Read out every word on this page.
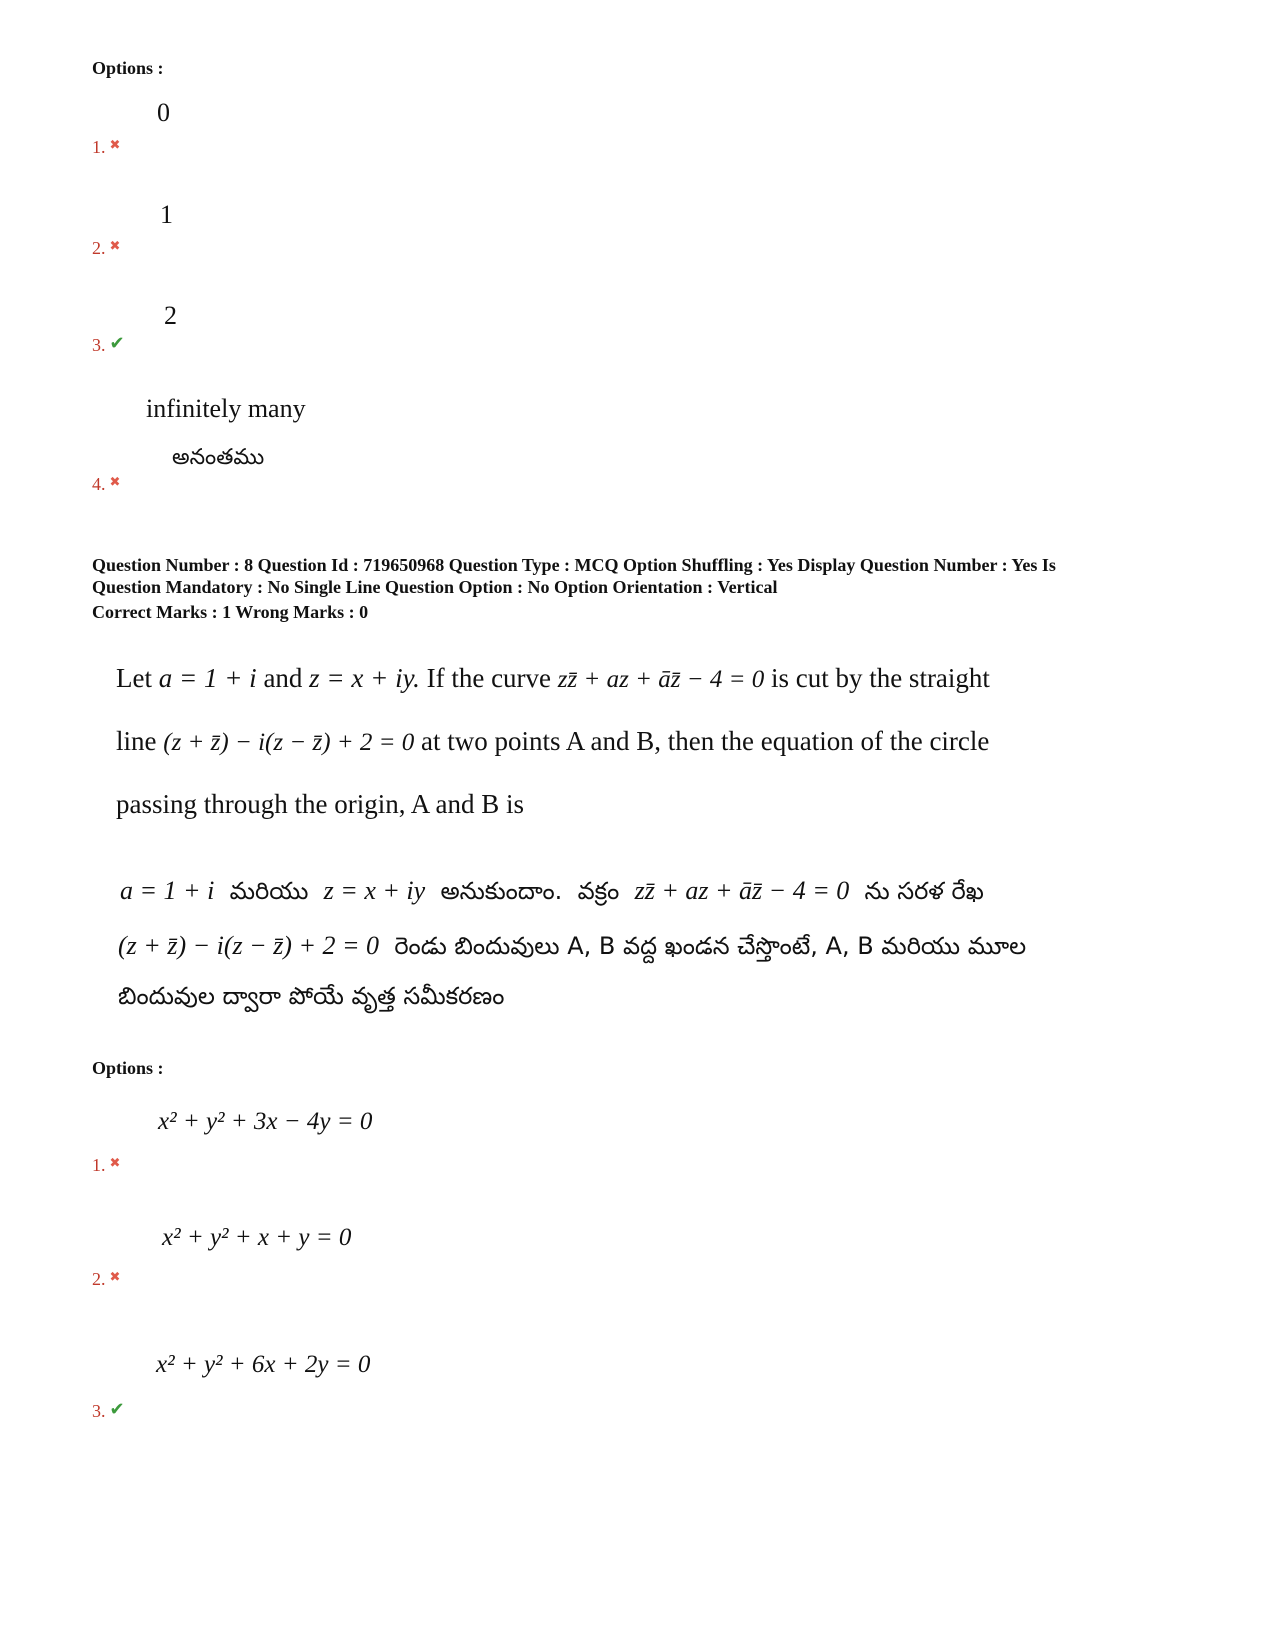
Options :
0
1. ✖
1
2. ✖
2
3. ✔
infinitely many
అనంతము
4. ✖
Question Number : 8 Question Id : 719650968 Question Type : MCQ Option Shuffling : Yes Display Question Number : Yes Is
Question Mandatory : No Single Line Question Option : No Option Orientation : Vertical
Correct Marks : 1 Wrong Marks : 0
Let a = 1 + i and z = x + iy. If the curve zz̄ + az + āz̄ − 4 = 0 is cut by the straight
line (z + z̄) − i(z − z̄) + 2 = 0 at two points A and B, then the equation of the circle
passing through the origin, A and B is
a = 1 + i మరియు z = x + iy అనుకుందాం. వక్రం zz̄ + az + āz̄ − 4 = 0 ను సరళ రేఖ
(z + z̄) − i(z − z̄) + 2 = 0 రెండు బిందువులు A, B వద్ద ఖండన చేస్తొంటే, A, B మరియు మూల
బిందువుల ద్వారా పోయే వృత్త సమీకరణం
Options :
x² + y² + 3x − 4y = 0
1. ✖
x² + y² + x + y = 0
2. ✖
x² + y² + 6x + 2y = 0
3. ✔
